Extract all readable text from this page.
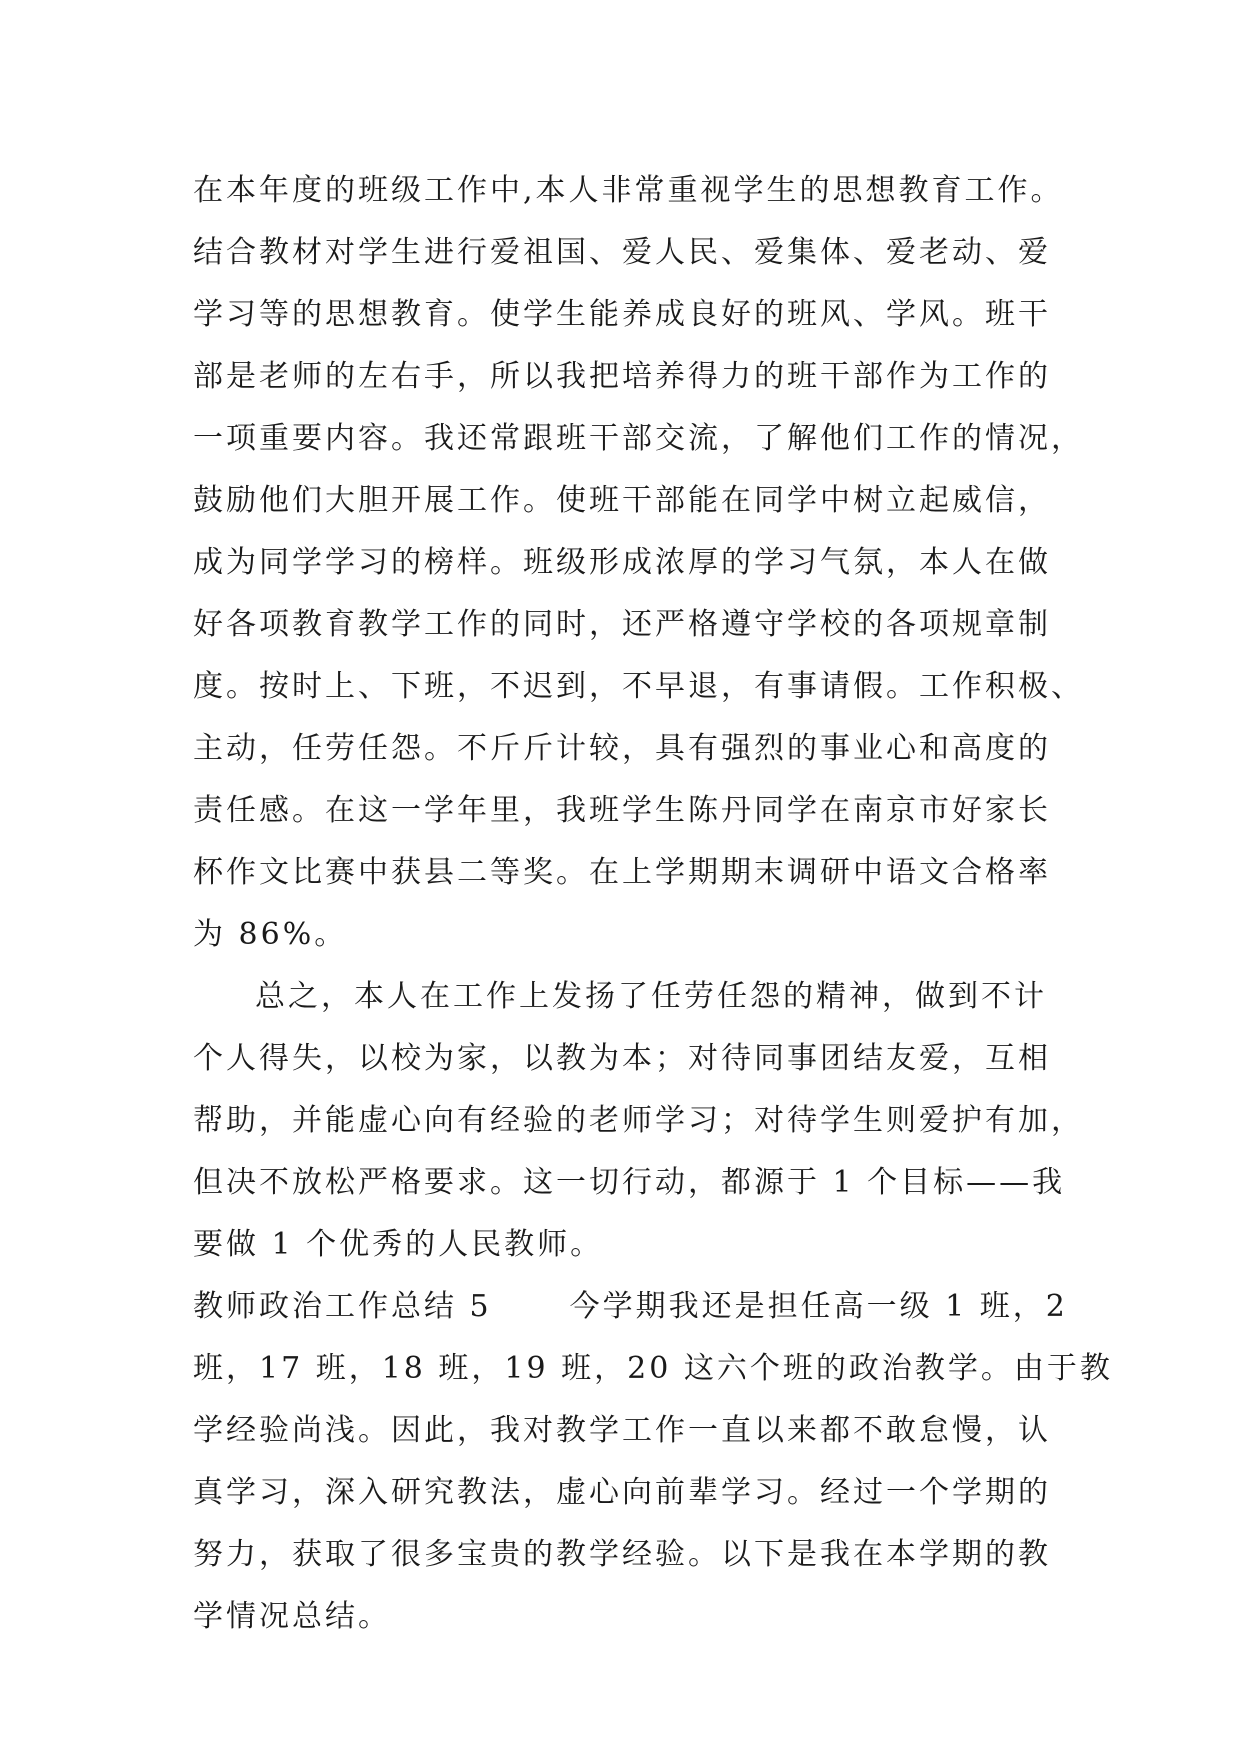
在本年度的班级工作中,本人非常重视学生的思想教育工作。
结合教材对学生进行爱祖国、爱人民、爱集体、爱老动、爱
学习等的思想教育。使学生能养成良好的班风、学风。班干
部是老师的左右手，所以我把培养得力的班干部作为工作的
一项重要内容。我还常跟班干部交流，了解他们工作的情况，
鼓励他们大胆开展工作。使班干部能在同学中树立起威信，
成为同学学习的榜样。班级形成浓厚的学习气氛，本人在做
好各项教育教学工作的同时，还严格遵守学校的各项规章制
度。按时上、下班，不迟到，不早退，有事请假。工作积极、
主动，任劳任怨。不斤斤计较，具有强烈的事业心和高度的
责任感。在这一学年里，我班学生陈丹同学在南京市好家长
杯作文比赛中获县二等奖。在上学期期末调研中语文合格率
为 86%。
总之，本人在工作上发扬了任劳任怨的精神，做到不计
个人得失，以校为家，以教为本；对待同事团结友爱，互相
帮助，并能虚心向有经验的老师学习；对待学生则爱护有加，
但决不放松严格要求。这一切行动，都源于 1 个目标——我
要做 1 个优秀的人民教师。
教师政治工作总结 5	今学期我还是担任高一级 1 班，2
班，17 班，18 班，19 班，20 这六个班的政治教学。由于教
学经验尚浅。因此，我对教学工作一直以来都不敢怠慢，认
真学习，深入研究教法，虚心向前辈学习。经过一个学期的
努力，获取了很多宝贵的教学经验。以下是我在本学期的教
学情况总结。
